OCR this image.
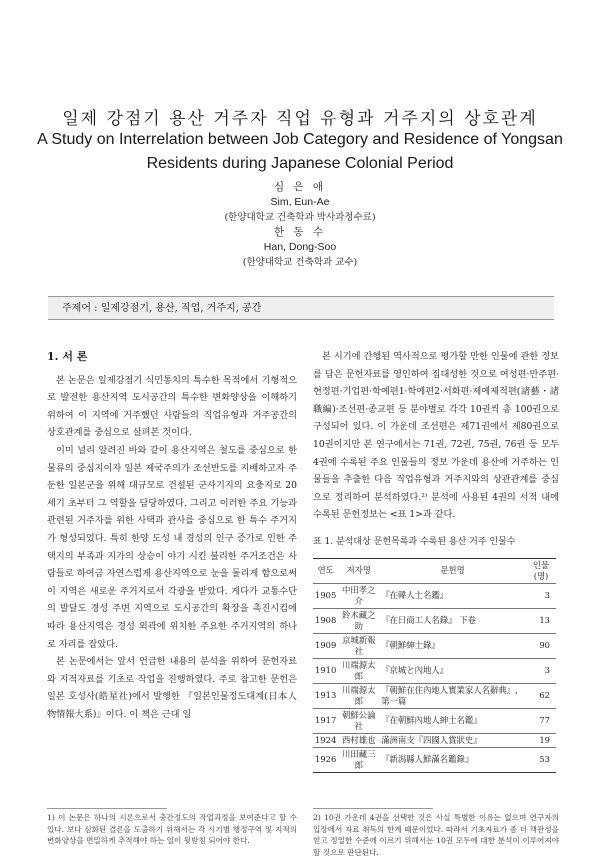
일제 강점기 용산 거주자 직업 유형과 거주지의 상호관계
A Study on Interrelation between Job Category and Residence of Yongsan
Residents during Japanese Colonial Period
심 은 애
Sim, Eun-Ae
(한양대학교 건축학과 박사과정수료)
한 동 수
Han, Dong-Soo
(한양대학교 건축학과 교수)
주제어 : 일제강점기, 용산, 직업, 거주지, 공간
1. 서 론

본 논문은 일제강점기 식민통치의 특수한 목적에서 기형적으로 발전한 용산지역 도시공간의 특수한 변화양상을 이해하기 위하여 이 지역에 거주했던 사람들의 직업유형과 거주공간의 상호관계를 중심으로 살펴본 것이다.

이미 널리 알려진 바와 같이 용산지역은 철도를 중심으로 한 물류의 중심지이자 일본 제국주의가 조선반도를 지배하고자 주둔한 일본군을 위해 대규모로 건설된 군사기지의 요충지로 20세기 초부터 그 역할을 담당하였다. 그리고 이러한 주요 기능과 관련된 거주자를 위한 사택과 관사를 중심으로 한 특수 주거지가 형성되었다. 특히 한양 도성 내 경성의 인구 증가로 인한 주택지의 부족과 지가의 상승이 야기 시킨 불리한 주거조건은 사람들로 하여금 자연스럽게 용산지역으로 눈을 돌리게 함으로써 이 지역은 새로운 주거지로서 각광을 받았다. 게다가 교통수단의 발달도 경성 주변 지역으로 도시공간의 확장을 촉진시킴에 따라 용산지역은 경성 외곽에 위치한 주요한 주거지역의 하나로 자리를 잡았다.

본 논문에서는 앞서 언급한 내용의 분석을 위하여 문헌자료와 지적자료를 기초로 작업을 진행하였다. 주로 참고한 문헌은 일본 호성사(皓星社)에서 발행한 『일본인물정도대계(日本人物情報大系)』이다. 이 책은 근대 일

본 시기에 간행된 역사적으로 평가할 만한 인물에 관한 정보를 담은 문헌자료를 영인하여 집대성한 것으로 여성편·만주편·현정편·기업편·학예편1·학예편2·서화편·제예제적편(諸藝・諸職編)·조선편·종교편 등 분야별로 각각 10권씩 총 100권으로 구성되어 있다. 이 가운데 조선편은 제71권에서 제80권으로 10권이지만 본 연구에서는 71권, 72권, 75권, 76권 등 모두 4권에 수록된 주요 인물들의 정보 가운데 용산에 거주하는 인물들을 추출한 다음 직업유형과 거주지와의 상관관계를 중심으로 정리하여 분석하였다.²⁾ 분석에 사용된 4권의 서적 내에 수록된 문헌정보는 <표 1>과 같다.

표 1. 분석대상 문헌목록과 수록된 용산 거주 인물수
연도	저자명	문헌명	인물(명)
1905	中田孝之介	『在韓人士名鑑』	3
1908	鈴木藏之助	『在日商工人名錄』 下卷	13
1909	京城新報社	『朝鮮紳士錄』	90
1910	川端源太郎	『京城と內地人』	3
1913	川端源太郎	『朝鮮在住內地人實業家人名辭典』, 第一篇	62
1917	朝鮮公論社	『在朝鮮內地人紳士名鑑』	77
1924	西村雄也	滿洲南支『四國人賞狀史』	19
1926	川田藏三郎	『新潟縣人鮮滿名鑑錄』	53
1) 이 논문은 하나의 시론으로서 충간정도의 작업과정을 보여준다고 할 수 있다. 보다 심화된 결론을 도출하기 위해서는 각 시기별 행정구역 및 지적의 변화양상을 면밀하게 추적해야 하는 일이 뒷받침 되어야 한다.
2) 10권 가운데 4권을 선택한 것은 사실 특별한 이유는 없으며 연구자의 입장에서 자료 취득의 한계 때문이었다. 따라서 기초자료가 좀 더 객관성을 얻고 정밀한 수준에 이르기 위해서는 10권 모두에 대한 분석이 이루어져야 할 것으로 판단된다.
